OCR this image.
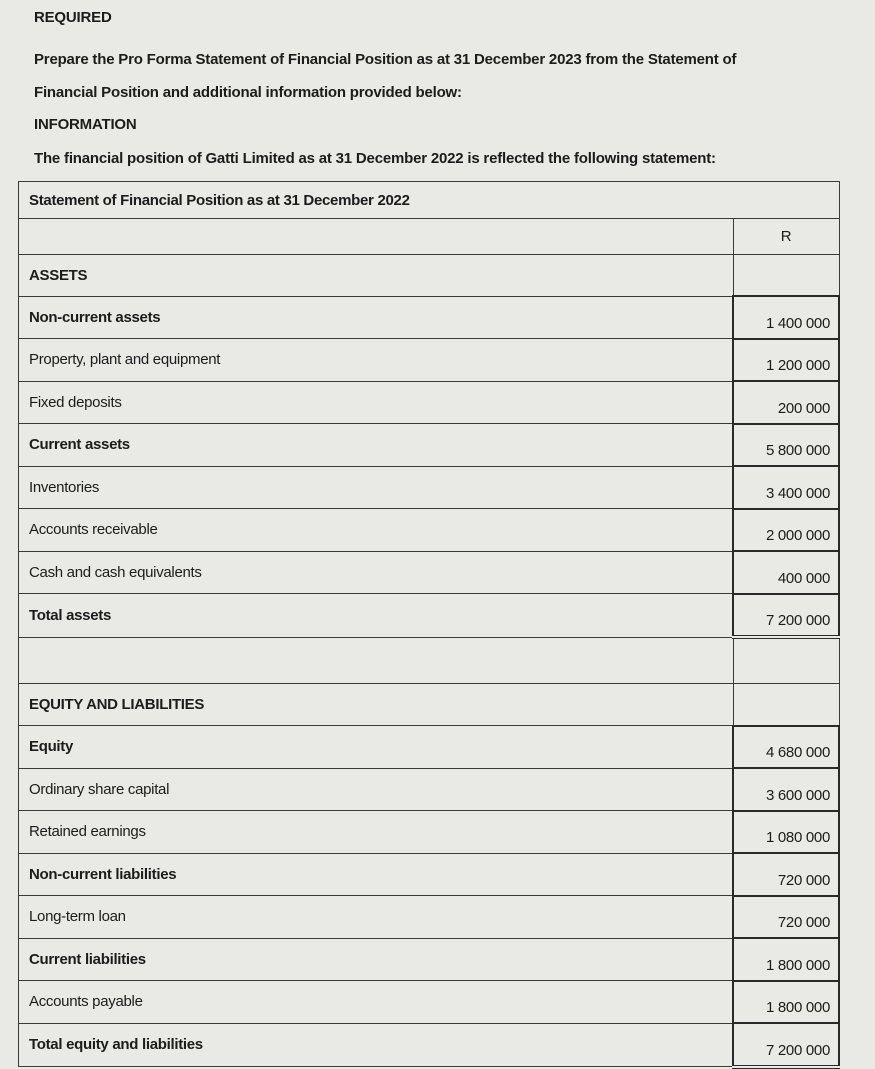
REQUIRED
Prepare the Pro Forma Statement of Financial Position as at 31 December 2023 from the Statement of
Financial Position and additional information provided below:
INFORMATION
The financial position of Gatti Limited as at 31 December 2022 is reflected the following statement:
Statement of Financial Position as at 31 December 2022	
	R
ASSETS	
Non-current assets	1 400 000
Property, plant and equipment	1 200 000
Fixed deposits	200 000
Current assets	5 800 000
Inventories	3 400 000
Accounts receivable	2 000 000
Cash and cash equivalents	400 000
Total assets	7 200 000

EQUITY AND LIABILITIES	
Equity	4 680 000
Ordinary share capital	3 600 000
Retained earnings	1 080 000
Non-current liabilities	720 000
Long-term loan	720 000
Current liabilities	1 800 000
Accounts payable	1 800 000
Total equity and liabilities	7 200 000
